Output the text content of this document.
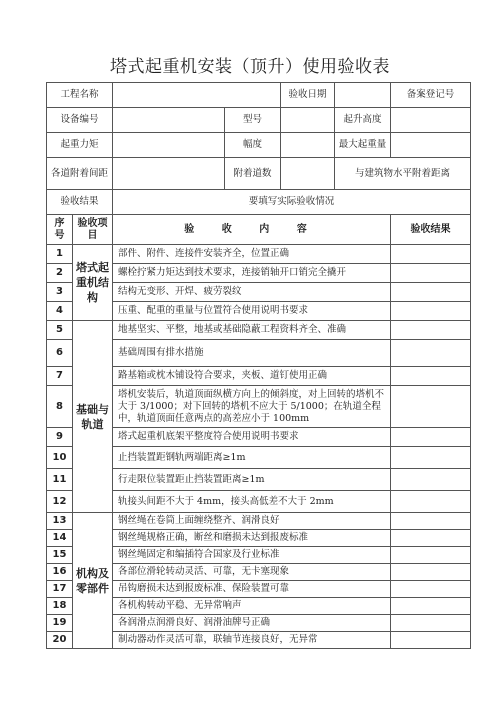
塔式起重机安装（顶升）使用验收表
工程名称				验收日期		备案登记号
设备编号			型号		起升高度	
起重力矩			幅度		最大起重量	
各道附着间距			附着道数		与建筑物水平附着距离	
验收结果		要填写实际验收情况				
序号	验收项目	验 收 内 容				验收结果
1	塔式起重机结构	部件、附件、连接件安装齐全，位置正确				
2		螺栓拧紧力矩达到技术要求，连接销轴开口销完全撬开				
3		结构无变形、开焊、疲劳裂纹				
4		压重、配重的重量与位置符合使用说明书要求				
5	基础与轨道	地基坚实、平整，地基或基础隐蔽工程资料齐全、准确				
6		基础周围有排水措施				
7		路基箱或枕木铺设符合要求，夹板、道钉使用正确				
8		塔机安装后，轨道顶面纵横方向上的倾斜度，对上回转的塔机不大于 3/1000；对下回转的塔机不应大于 5/1000；在轨道全程中，轨道顶面任意两点的高差应小于 100mm				
9		塔式起重机底架平整度符合使用说明书要求				
10		止挡装置距钢轨两端距离≥1m				
11		行走限位装置距止挡装置距离≥1m				
12		轨接头间距不大于 4mm，接头高低差不大于 2mm				
13	机构及零部件	钢丝绳在卷筒上面缠绕整齐、润滑良好				
14		钢丝绳规格正确，断丝和磨损未达到报废标准				
15		钢丝绳固定和编插符合国家及行业标准				
16		各部位滑轮转动灵活、可靠，无卡塞现象				
17		吊钩磨损未达到报废标准、保险装置可靠				
18		各机构转动平稳、无异常响声				
19		各润滑点润滑良好、润滑油牌号正确				
20		制动器动作灵活可靠，联轴节连接良好，无异常				
